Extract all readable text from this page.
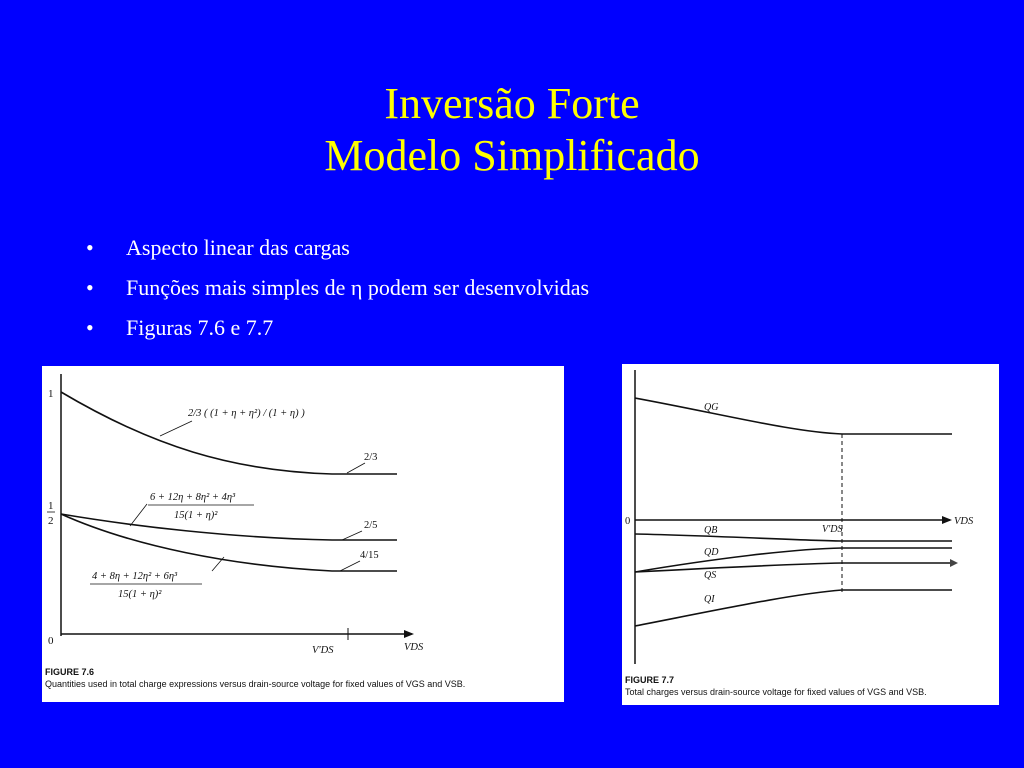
Inversão Forte
Modelo Simplificado
•	Aspecto linear das cargas
•	Funções mais simples de η podem ser desenvolvidas
•	Figuras 7.6 e 7.7
1
1
2
0
2/3 ( (1 + η + η²) / (1 + η) )
2/3
6 + 12η + 8η² + 4η³
15(1 + η)²
2/5
4 + 8η + 12η² + 6η³
15(1 + η)²
4/15
VDS
V'DS
FIGURE 7.6
Quantities used in total charge expressions versus drain-source voltage for fixed values of VGS and VSB.
0	VDS
V'DS
QG
QB
QD
QS
QI
FIGURE 7.7
Total charges versus drain-source voltage for fixed values of VGS and VSB.
